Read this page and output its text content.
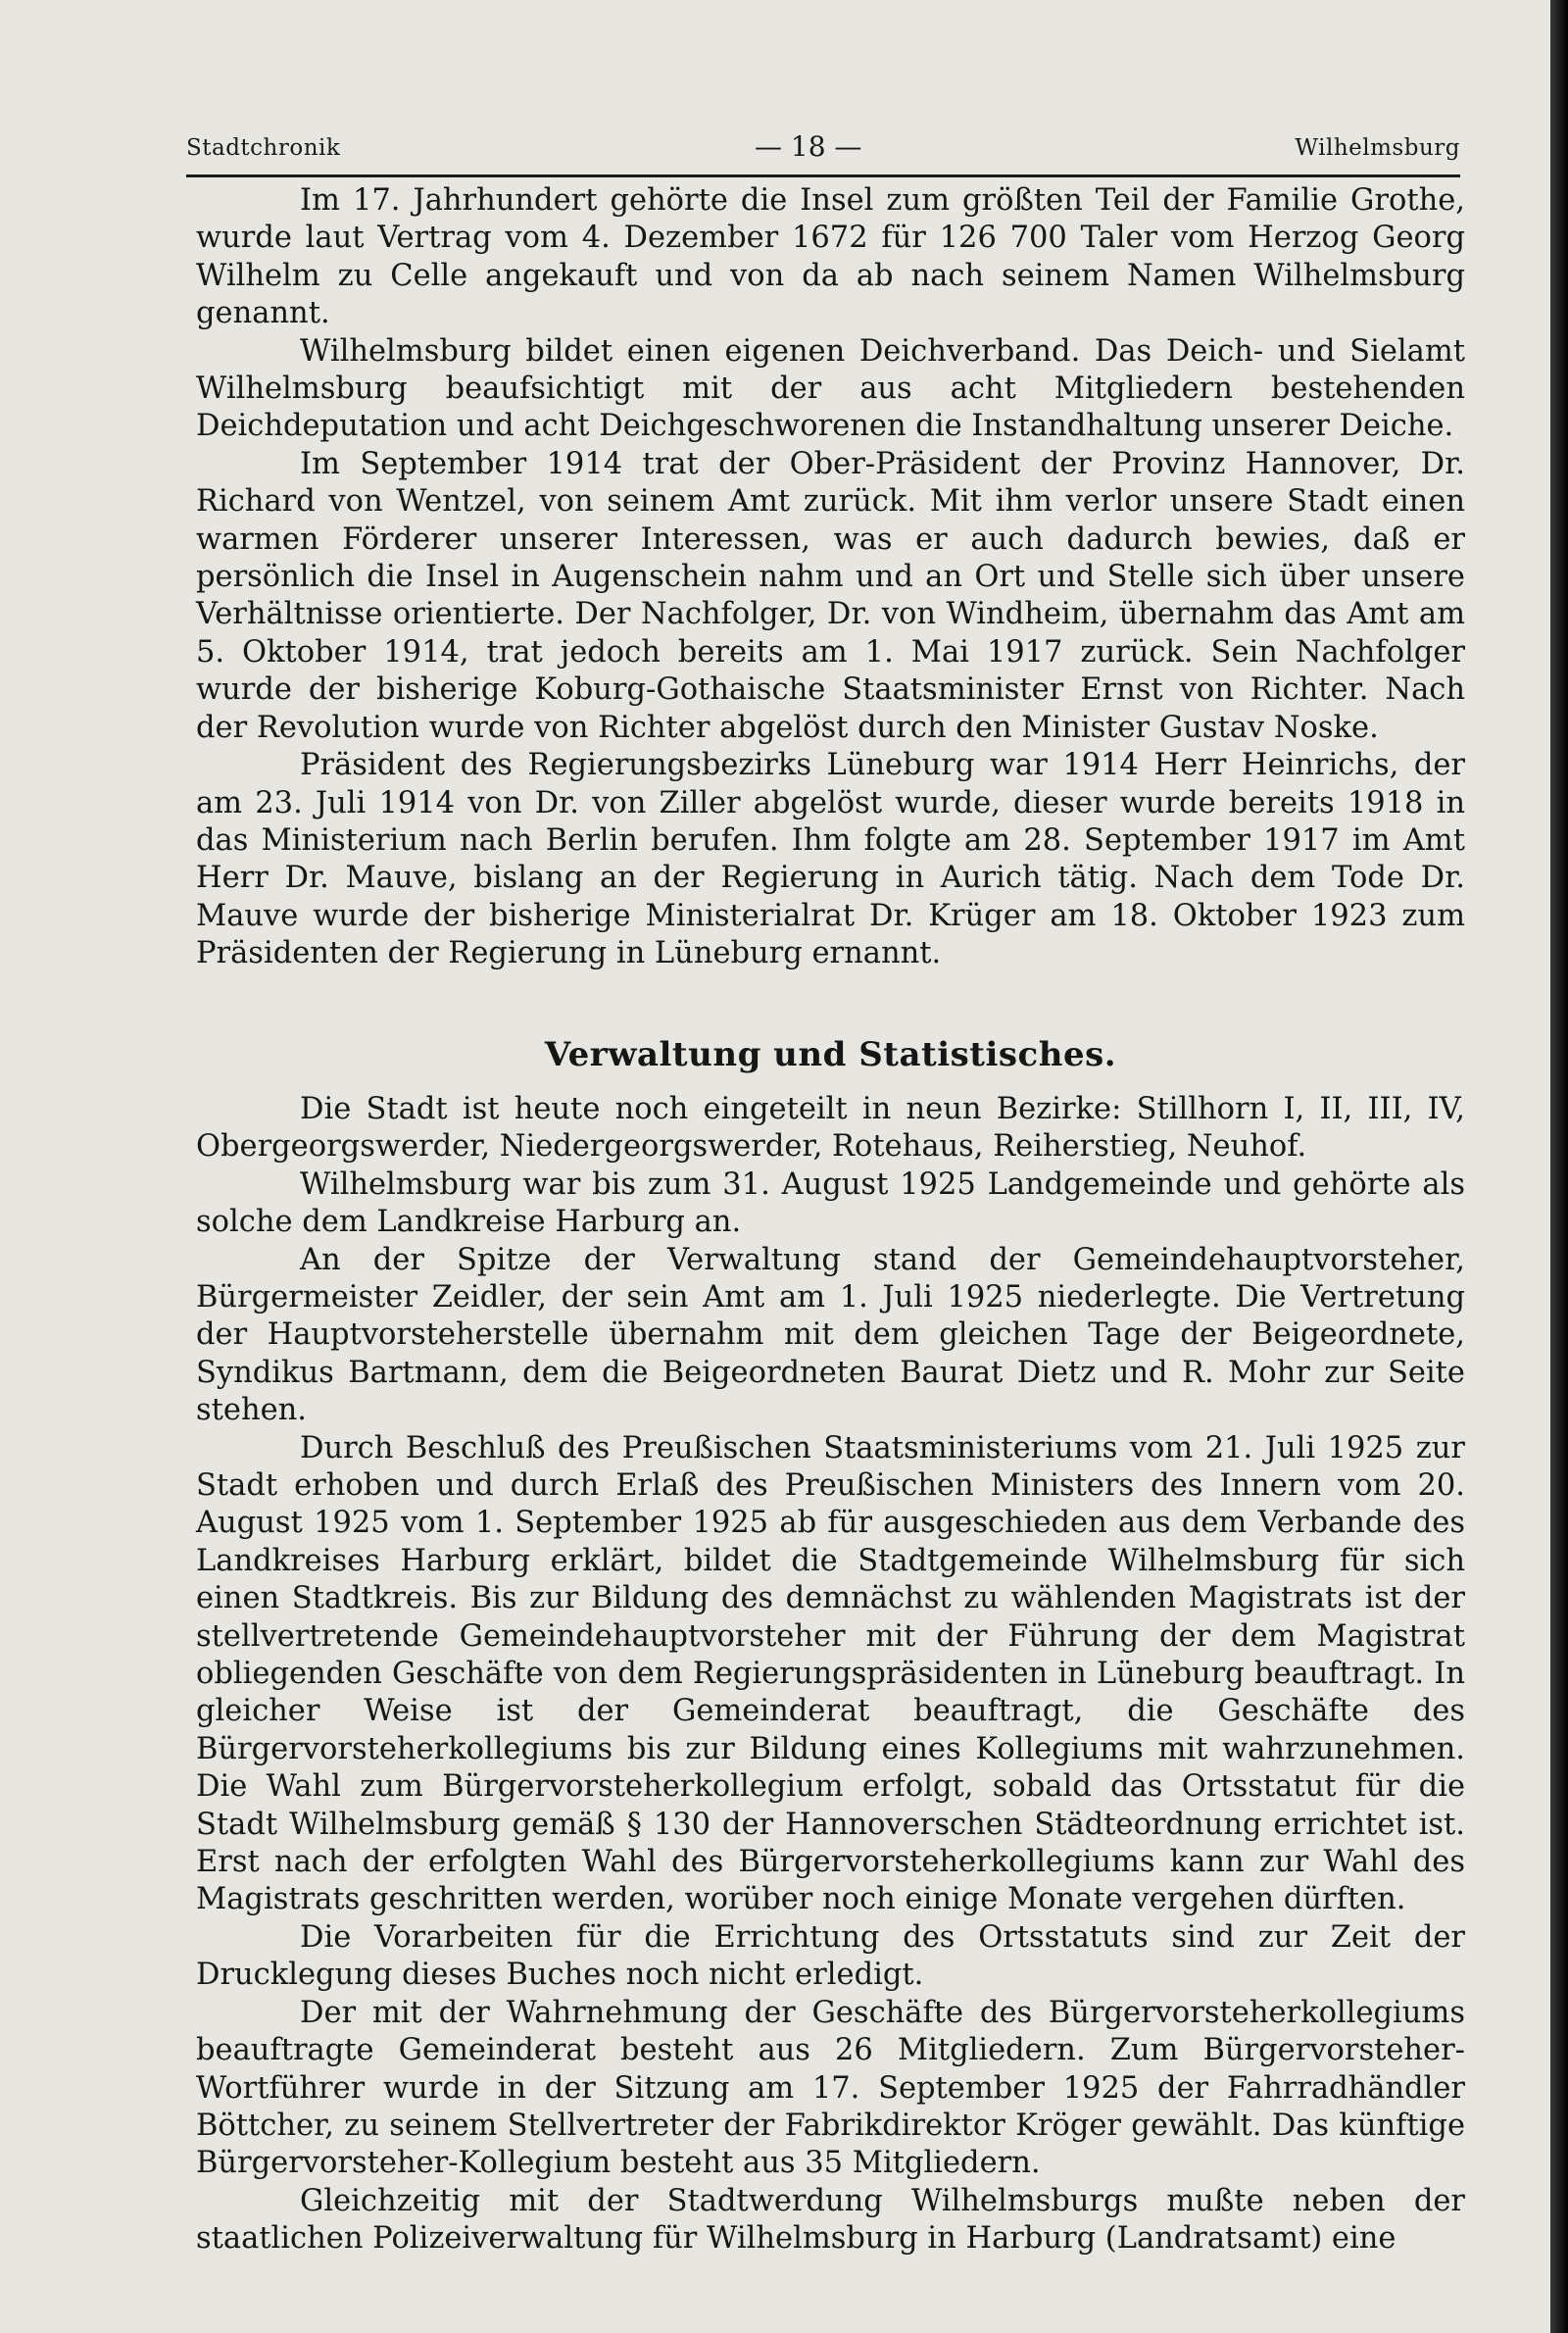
Stadtchronik	— 18 —	Wilhelmsburg

Im 17. Jahrhundert gehörte die Insel zum größten Teil der Familie Grothe, wurde laut Vertrag vom 4. Dezember 1672 für 126 700 Taler vom Herzog Georg Wilhelm zu Celle angekauft und von da ab nach seinem Namen Wilhelmsburg genannt.

Wilhelmsburg bildet einen eigenen Deichverband. Das Deich- und Sielamt Wilhelmsburg beaufsichtigt mit der aus acht Mitgliedern bestehenden Deichdeputation und acht Deichgeschworenen die Instandhaltung unserer Deiche.

Im September 1914 trat der Ober-Präsident der Provinz Hannover, Dr. Richard von Wentzel, von seinem Amt zurück. Mit ihm verlor unsere Stadt einen warmen Förderer unserer Interessen, was er auch dadurch bewies, daß er persönlich die Insel in Augenschein nahm und an Ort und Stelle sich über unsere Verhältnisse orientierte. Der Nachfolger, Dr. von Windheim, übernahm das Amt am 5. Oktober 1914, trat jedoch bereits am 1. Mai 1917 zurück. Sein Nachfolger wurde der bisherige Koburg-Gothaische Staatsminister Ernst von Richter. Nach der Revolution wurde von Richter abgelöst durch den Minister Gustav Noske.

Präsident des Regierungsbezirks Lüneburg war 1914 Herr Heinrichs, der am 23. Juli 1914 von Dr. von Ziller abgelöst wurde, dieser wurde bereits 1918 in das Ministerium nach Berlin berufen. Ihm folgte am 28. September 1917 im Amt Herr Dr. Mauve, bislang an der Regierung in Aurich tätig. Nach dem Tode Dr. Mauve wurde der bisherige Ministerialrat Dr. Krüger am 18. Oktober 1923 zum Präsidenten der Regierung in Lüneburg ernannt.

Verwaltung und Statistisches.

Die Stadt ist heute noch eingeteilt in neun Bezirke: Stillhorn I, II, III, IV, Obergeorgswerder, Niedergeorgswerder, Rotehaus, Reiherstieg, Neuhof.

Wilhelmsburg war bis zum 31. August 1925 Landgemeinde und gehörte als solche dem Landkreise Harburg an.

An der Spitze der Verwaltung stand der Gemeindehauptvorsteher, Bürgermeister Zeidler, der sein Amt am 1. Juli 1925 niederlegte. Die Vertretung der Hauptvorsteherstelle übernahm mit dem gleichen Tage der Beigeordnete, Syndikus Bartmann, dem die Beigeordneten Baurat Dietz und R. Mohr zur Seite stehen.

Durch Beschluß des Preußischen Staatsministeriums vom 21. Juli 1925 zur Stadt erhoben und durch Erlaß des Preußischen Ministers des Innern vom 20. August 1925 vom 1. September 1925 ab für ausgeschieden aus dem Verbande des Landkreises Harburg erklärt, bildet die Stadtgemeinde Wilhelmsburg für sich einen Stadtkreis. Bis zur Bildung des demnächst zu wählenden Magistrats ist der stellvertretende Gemeindehauptvorsteher mit der Führung der dem Magistrat obliegenden Geschäfte von dem Regierungspräsidenten in Lüneburg beauftragt. In gleicher Weise ist der Gemeinderat beauftragt, die Geschäfte des Bürgervorsteherkollegiums bis zur Bildung eines Kollegiums mit wahrzunehmen. Die Wahl zum Bürgervorsteherkollegium erfolgt, sobald das Ortsstatut für die Stadt Wilhelmsburg gemäß § 130 der Hannoverschen Städteordnung errichtet ist. Erst nach der erfolgten Wahl des Bürgervorsteherkollegiums kann zur Wahl des Magistrats geschritten werden, worüber noch einige Monate vergehen dürften.

Die Vorarbeiten für die Errichtung des Ortsstatuts sind zur Zeit der Drucklegung dieses Buches noch nicht erledigt.

Der mit der Wahrnehmung der Geschäfte des Bürgervorsteherkollegiums beauftragte Gemeinderat besteht aus 26 Mitgliedern. Zum Bürgervorsteher-Wortführer wurde in der Sitzung am 17. September 1925 der Fahrradhändler Böttcher, zu seinem Stellvertreter der Fabrikdirektor Kröger gewählt. Das künftige Bürgervorsteher-Kollegium besteht aus 35 Mitgliedern.

Gleichzeitig mit der Stadtwerdung Wilhelmsburgs mußte neben der staatlichen Polizeiverwaltung für Wilhelmsburg in Harburg (Landratsamt) eine
